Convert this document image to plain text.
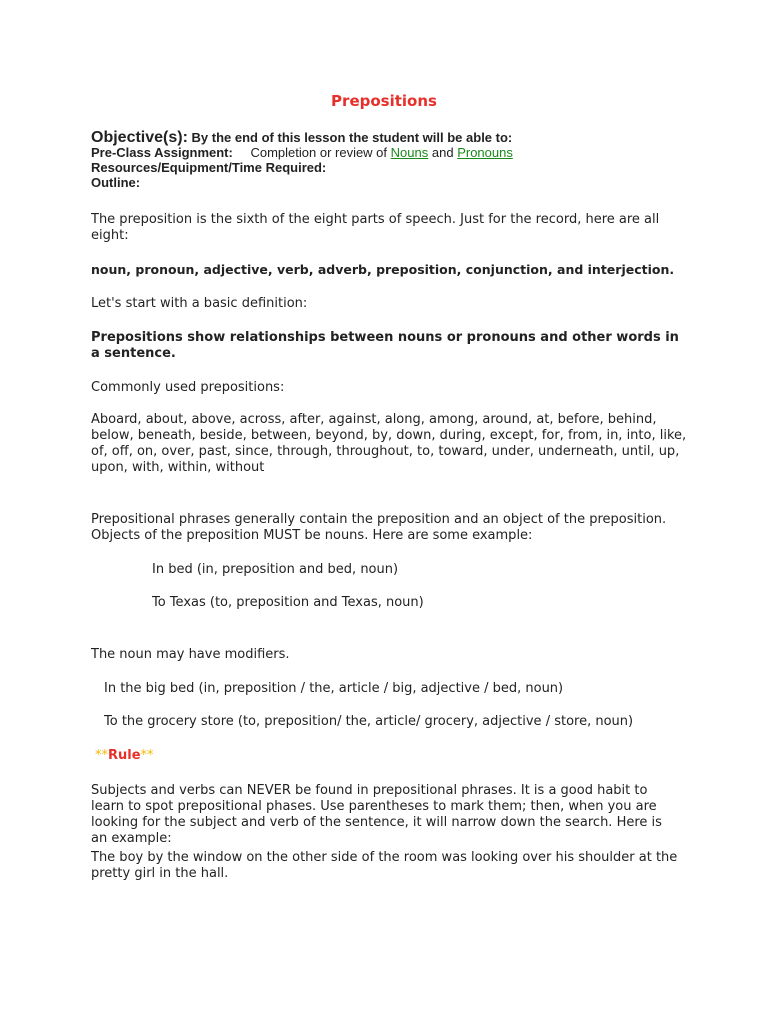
Prepositions
Objective(s): By the end of this lesson the student will be able to:
Pre-Class Assignment: Completion or review of Nouns and Pronouns
Resources/Equipment/Time Required:
Outline:
The preposition is the sixth of the eight parts of speech. Just for the record, here are all eight:
noun, pronoun, adjective, verb, adverb, preposition, conjunction, and interjection.
Let's start with a basic definition:
Prepositions show relationships between nouns or pronouns and other words in a sentence.
Commonly used prepositions:
Aboard, about, above, across, after, against, along, among, around, at, before, behind, below, beneath, beside, between, beyond, by, down, during, except, for, from, in, into, like, of, off, on, over, past, since, through, throughout, to, toward, under, underneath, until, up, upon, with, within, without
Prepositional phrases generally contain the preposition and an object of the preposition. Objects of the preposition MUST be nouns. Here are some example:
In bed (in, preposition and bed, noun)
To Texas (to, preposition and Texas, noun)
The noun may have modifiers.
In the big bed (in, preposition / the, article / big, adjective / bed, noun)
To the grocery store (to, preposition/ the, article/ grocery, adjective / store, noun)
**Rule**
Subjects and verbs can NEVER be found in prepositional phrases. It is a good habit to learn to spot prepositional phases. Use parentheses to mark them; then, when you are looking for the subject and verb of the sentence, it will narrow down the search. Here is an example:
The boy by the window on the other side of the room was looking over his shoulder at the pretty girl in the hall.
